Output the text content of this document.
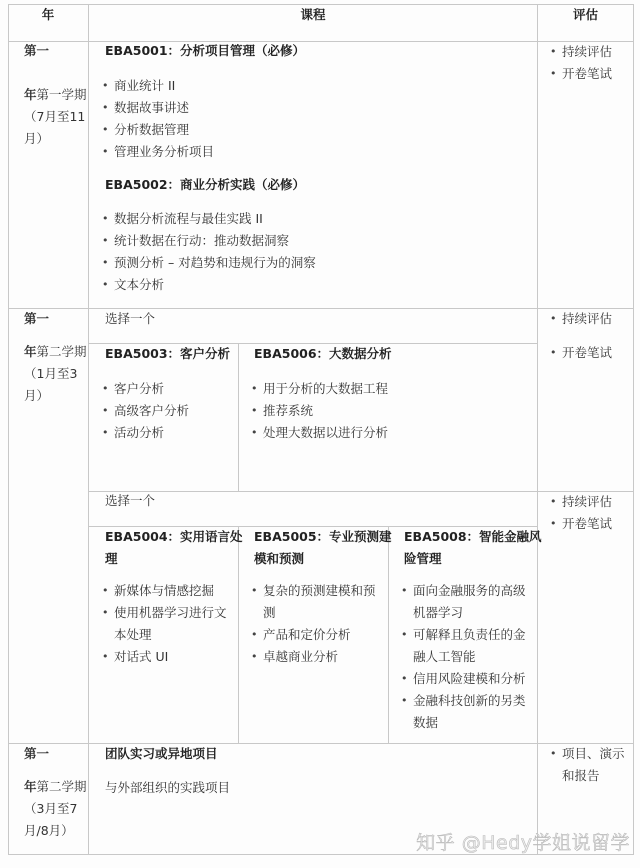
年	课程	评估
第一
年第一学期
（7月至11
月）
EBA5001：分析项目管理（必修）
• 商业统计 II
• 数据故事讲述
• 分析数据管理
• 管理业务分析项目
EBA5002：商业分析实践（必修）
• 数据分析流程与最佳实践 II
• 统计数据在行动：推动数据洞察
• 预测分析 – 对趋势和违规行为的洞察
• 文本分析
• 持续评估
• 开卷笔试
第一
年第二学期
（1月至3
月）
选择一个
EBA5003：客户分析
• 客户分析
• 高级客户分析
• 活动分析
EBA5006：大数据分析
• 用于分析的大数据工程
• 推荐系统
• 处理大数据以进行分析
• 持续评估
• 开卷笔试
选择一个
EBA5004：实用语言处
理
• 新媒体与情感挖掘
• 使用机器学习进行文本处理
• 对话式 UI
EBA5005：专业预测建
模和预测
• 复杂的预测建模和预测
• 产品和定价分析
• 卓越商业分析
EBA5008：智能金融风
险管理
• 面向金融服务的高级机器学习
• 可解释且负责任的金融人工智能
• 信用风险建模和分析
• 金融科技创新的另类数据
• 持续评估
• 开卷笔试
第一
年第二学期
（3月至7
月/8月）
团队实习或异地项目
与外部组织的实践项目
• 项目、演示和报告
知乎 @Hedy学姐说留学
